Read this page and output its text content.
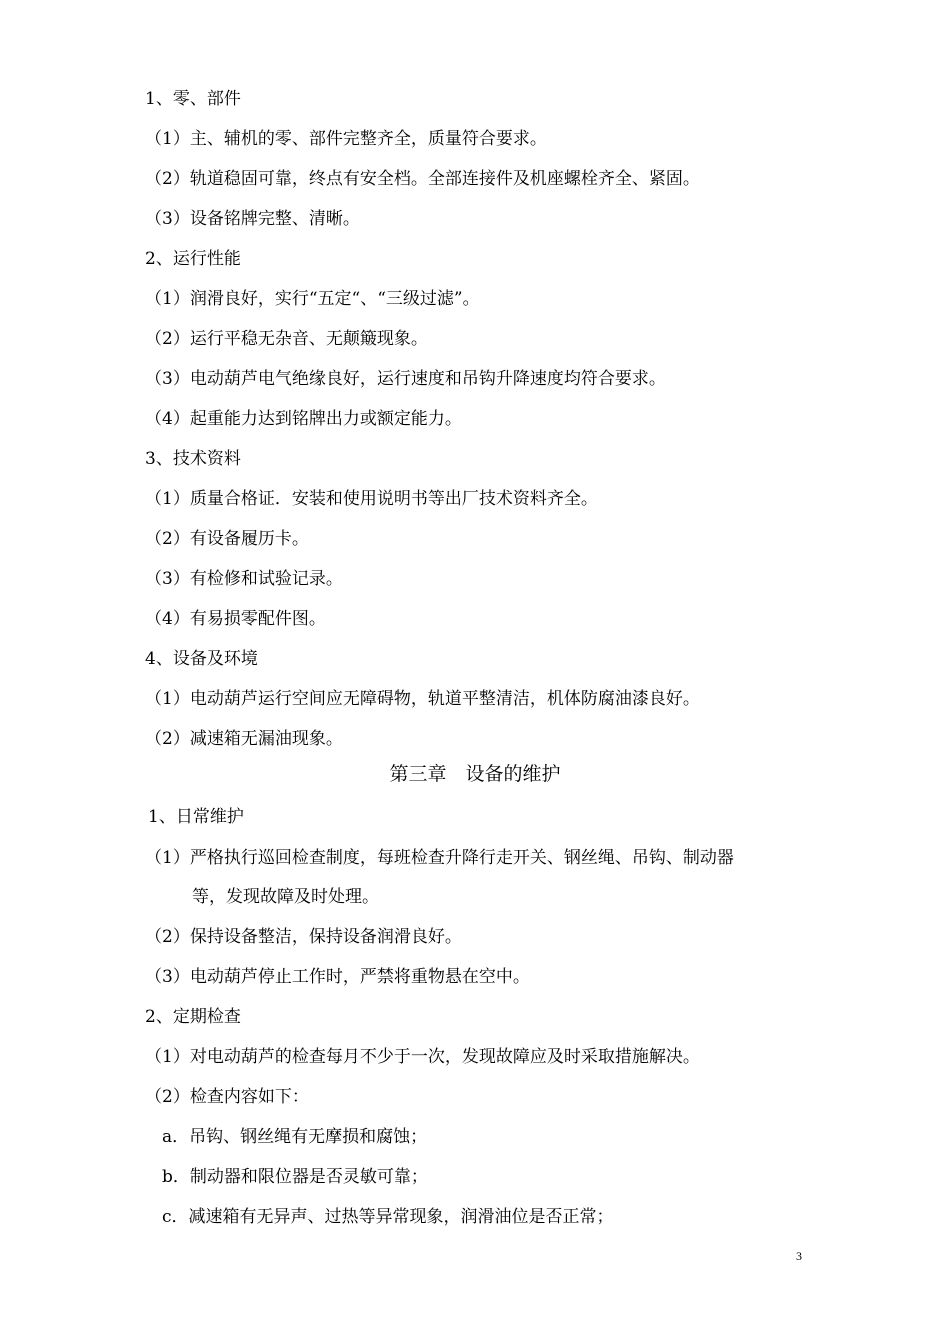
1、零、部件
（1）主、辅机的零、部件完整齐全，质量符合要求。
（2）轨道稳固可靠，终点有安全档。全部连接件及机座螺栓齐全、紧固。
（3）设备铭牌完整、清晰。
2、运行性能
（1）润滑良好，实行“五定“、“三级过滤”。
（2）运行平稳无杂音、无颠簸现象。
（3）电动葫芦电气绝缘良好，运行速度和吊钩升降速度均符合要求。
（4）起重能力达到铭牌出力或额定能力。
3、技术资料
（1）质量合格证．安装和使用说明书等出厂技术资料齐全。
（2）有设备履历卡。
（3）有检修和试验记录。
（4）有易损零配件图。
4、设备及环境
（1）电动葫芦运行空间应无障碍物，轨道平整清洁，机体防腐油漆良好。
（2）减速箱无漏油现象。
第三章　设备的维护
1、日常维护
（1）严格执行巡回检查制度，每班检查升降行走开关、钢丝绳、吊钩、制动器
等，发现故障及时处理。
（2）保持设备整洁，保持设备润滑良好。
（3）电动葫芦停止工作时，严禁将重物悬在空中。
2、定期检查
（1）对电动葫芦的检查每月不少于一次，发现故障应及时采取措施解决。
（2）检查内容如下：
a．吊钩、钢丝绳有无摩损和腐蚀；
b．制动器和限位器是否灵敏可靠；
c．减速箱有无异声、过热等异常现象，润滑油位是否正常；
3
